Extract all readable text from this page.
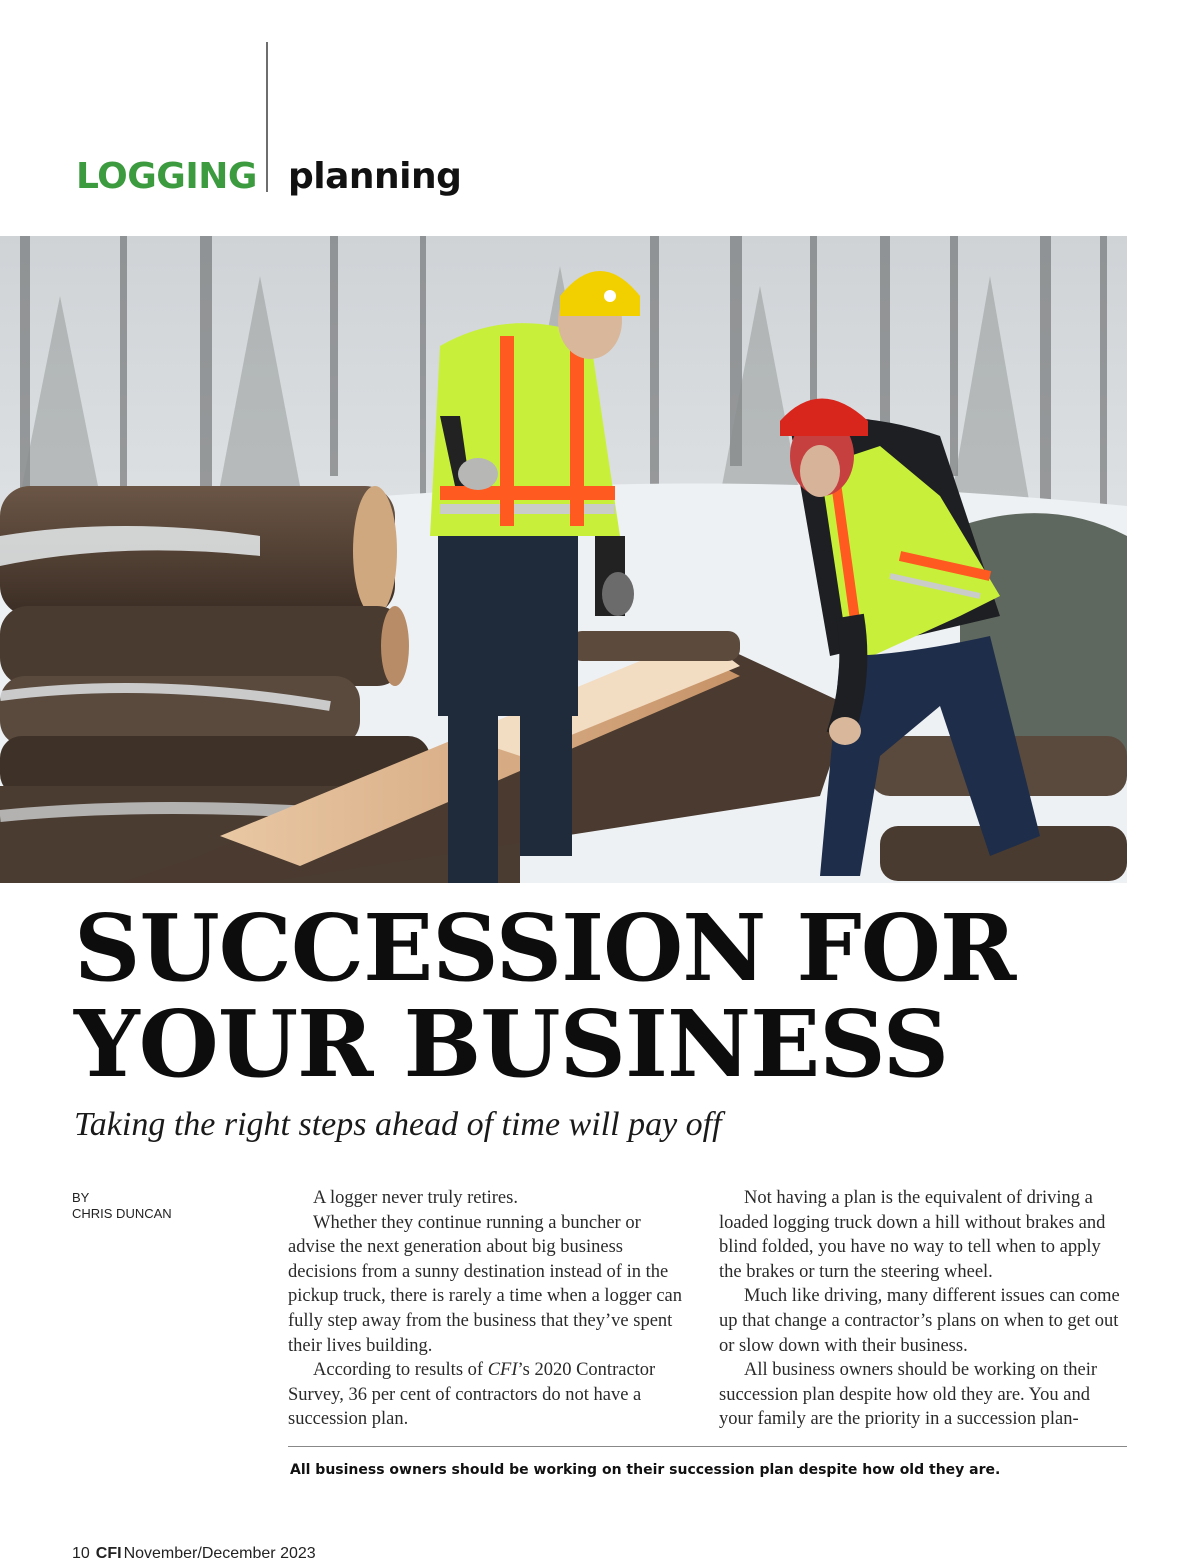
LOGGING planning
SUCCESSION FOR
YOUR BUSINESS
Taking the right steps ahead of time will pay off
BY
CHRIS DUNCAN

A logger never truly retires.

Whether they continue running a buncher or advise the next generation about big business decisions from a sunny destination instead of in the pickup truck, there is rarely a time when a logger can fully step away from the business that they’ve spent their lives building.

According to results of CFI’s 2020 Contractor Survey, 36 per cent of contractors do not have a succession plan.

Not having a plan is the equivalent of driving a loaded logging truck down a hill without brakes and blind folded, you have no way to tell when to apply the brakes or turn the steering wheel.

Much like driving, many different issues can come up that change a contractor’s plans on when to get out or slow down with their business.

All business owners should be working on their succession plan despite how old they are. You and your family are the priority in a succession plan-

All business owners should be working on their succession plan despite how old they are.
10 CFI November/December 2023
